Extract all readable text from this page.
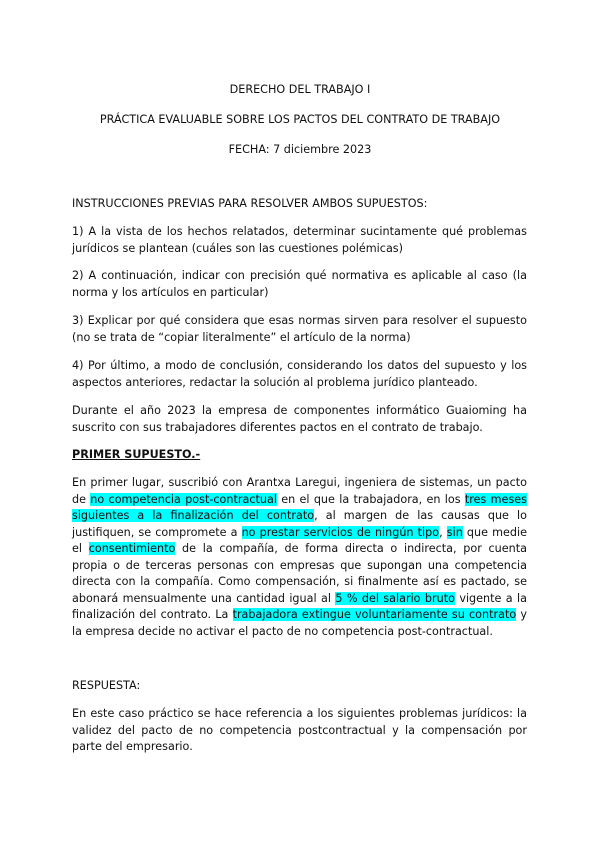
DERECHO DEL TRABAJO I
PRÁCTICA EVALUABLE SOBRE LOS PACTOS DEL CONTRATO DE TRABAJO
FECHA: 7 diciembre 2023
INSTRUCCIONES PREVIAS PARA RESOLVER AMBOS SUPUESTOS:
1) A la vista de los hechos relatados, determinar sucintamente qué problemas jurídicos se plantean (cuáles son las cuestiones polémicas)
2) A continuación, indicar con precisión qué normativa es aplicable al caso (la norma y los artículos en particular)
3) Explicar por qué considera que esas normas sirven para resolver el supuesto (no se trata de “copiar literalmente” el artículo de la norma)
4) Por último, a modo de conclusión, considerando los datos del supuesto y los aspectos anteriores, redactar la solución al problema jurídico planteado.
Durante el año 2023 la empresa de componentes informático Guaioming ha suscrito con sus trabajadores diferentes pactos en el contrato de trabajo.
PRIMER SUPUESTO.-
En primer lugar, suscribió con Arantxa Laregui, ingeniera de sistemas, un pacto de no competencia post-contractual en el que la trabajadora, en los tres meses siguientes a la finalización del contrato, al margen de las causas que lo justifiquen, se compromete a no prestar servicios de ningún tipo, sin que medie el consentimiento de la compañía, de forma directa o indirecta, por cuenta propia o de terceras personas con empresas que supongan una competencia directa con la compañía. Como compensación, si finalmente así es pactado, se abonará mensualmente una cantidad igual al 5 % del salario bruto vigente a la finalización del contrato. La trabajadora extingue voluntariamente su contrato y la empresa decide no activar el pacto de no competencia post-contractual.
RESPUESTA:
En este caso práctico se hace referencia a los siguientes problemas jurídicos: la validez del pacto de no competencia postcontractual y la compensación por parte del empresario.
